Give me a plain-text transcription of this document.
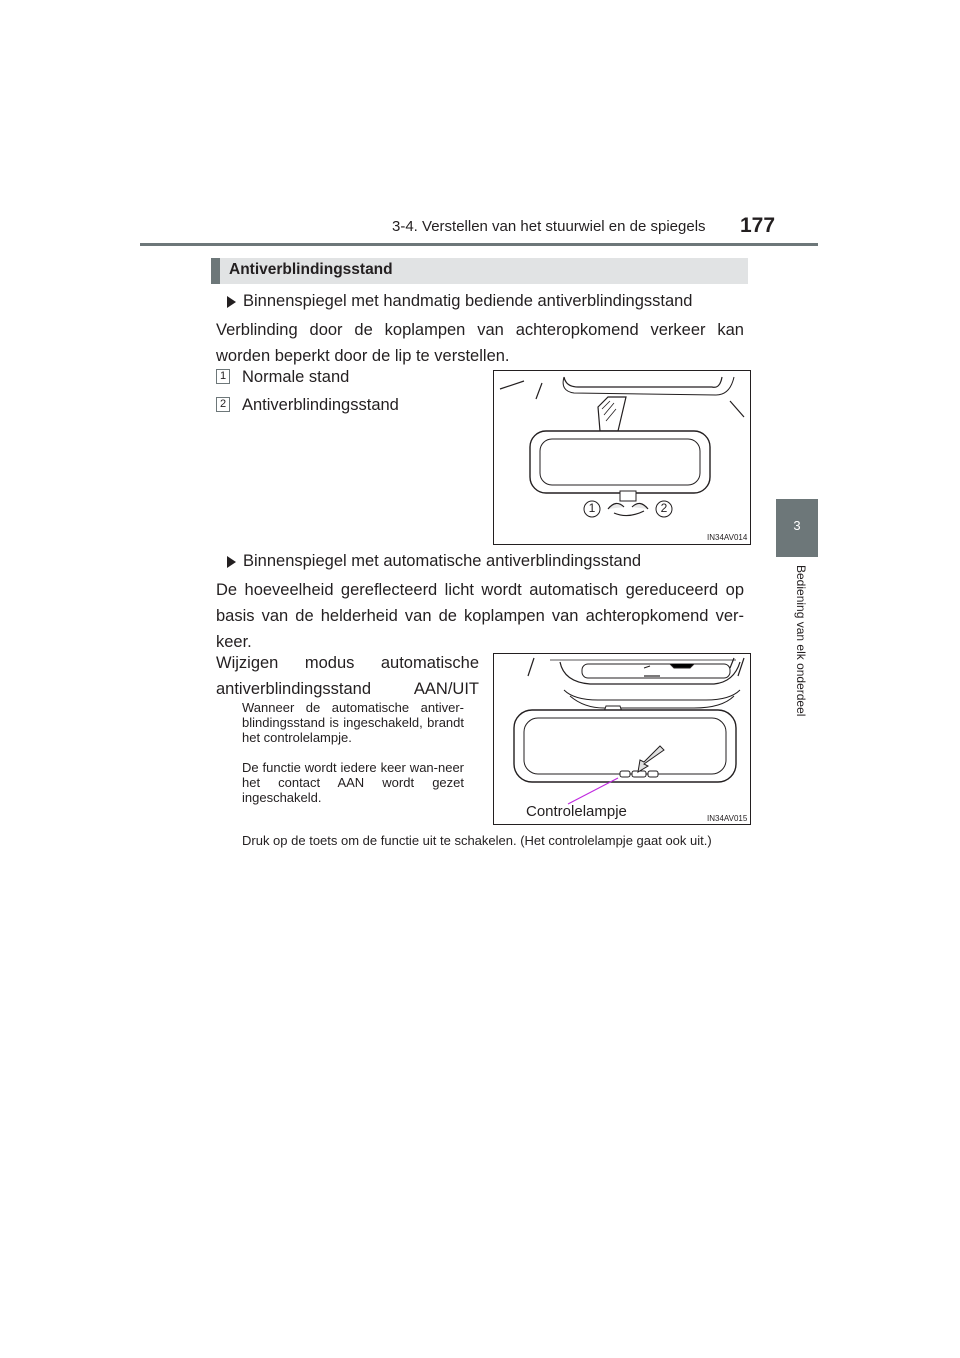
3-4. Verstellen van het stuurwiel en de spiegels 177
3
Bediening van elk onderdeel
Antiverblindingsstand
Binnenspiegel met handmatig bediende antiverblindingsstand
Verblinding door de koplampen van achteropkomend verkeer kan worden beperkt door de lip te verstellen.
1 Normale stand
2 Antiverblindingsstand
1	2
IN34AV014
Binnenspiegel met automatische antiverblindingsstand
De hoeveelheid gereflecteerd licht wordt automatisch gereduceerd op basis van de helderheid van de koplampen van achteropkomend ver-keer.
Wijzigen modus automatische antiverblindingsstand AAN/UIT
Wanneer de automatische antiver-blindingsstand is ingeschakeld, brandt het controlelampje.
De functie wordt iedere keer wan-neer het contact AAN wordt gezet ingeschakeld.
Druk op de toets om de functie uit te schakelen. (Het controlelampje gaat ook uit.)
Controlelampje	IN34AV015
